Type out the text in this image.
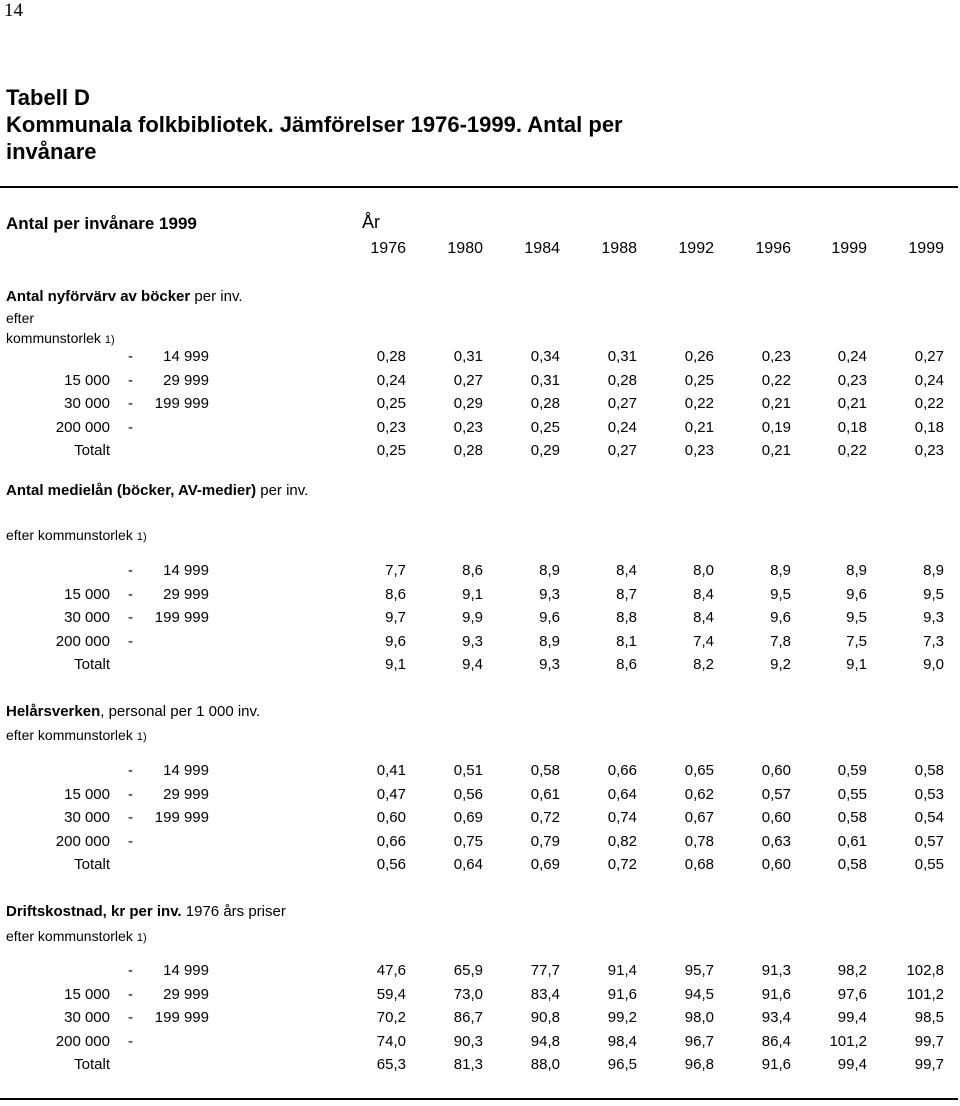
14
Tabell D
Kommunala folkbibliotek. Jämförelser 1976-1999. Antal per
invånare
Antal per invånare 1999	År
1976	1980	1984	1988	1992	1996	1999	1999
Antal nyförvärv av böcker per inv.
efter
kommunstorlek 1)
- 14 999	0,28	0,31	0,34	0,31	0,26	0,23	0,24	0,27
15 000 - 29 999	0,24	0,27	0,31	0,28	0,25	0,22	0,23	0,24
30 000 - 199 999	0,25	0,29	0,28	0,27	0,22	0,21	0,21	0,22
200 000 -	0,23	0,23	0,25	0,24	0,21	0,19	0,18	0,18
Totalt	0,25	0,28	0,29	0,27	0,23	0,21	0,22	0,23
Antal medielån (böcker, AV-medier) per inv.
efter kommunstorlek 1)
- 14 999	7,7	8,6	8,9	8,4	8,0	8,9	8,9	8,9
15 000 - 29 999	8,6	9,1	9,3	8,7	8,4	9,5	9,6	9,5
30 000 - 199 999	9,7	9,9	9,6	8,8	8,4	9,6	9,5	9,3
200 000 -	9,6	9,3	8,9	8,1	7,4	7,8	7,5	7,3
Totalt	9,1	9,4	9,3	8,6	8,2	9,2	9,1	9,0
Helårsverken, personal per 1 000 inv.
efter kommunstorlek 1)
- 14 999	0,41	0,51	0,58	0,66	0,65	0,60	0,59	0,58
15 000 - 29 999	0,47	0,56	0,61	0,64	0,62	0,57	0,55	0,53
30 000 - 199 999	0,60	0,69	0,72	0,74	0,67	0,60	0,58	0,54
200 000 -	0,66	0,75	0,79	0,82	0,78	0,63	0,61	0,57
Totalt	0,56	0,64	0,69	0,72	0,68	0,60	0,58	0,55
Driftskostnad, kr per inv. 1976 års priser
efter kommunstorlek 1)
- 14 999	47,6	65,9	77,7	91,4	95,7	91,3	98,2	102,8
15 000 - 29 999	59,4	73,0	83,4	91,6	94,5	91,6	97,6	101,2
30 000 - 199 999	70,2	86,7	90,8	99,2	98,0	93,4	99,4	98,5
200 000 -	74,0	90,3	94,8	98,4	96,7	86,4	101,2	99,7
Totalt	65,3	81,3	88,0	96,5	96,8	91,6	99,4	99,7
